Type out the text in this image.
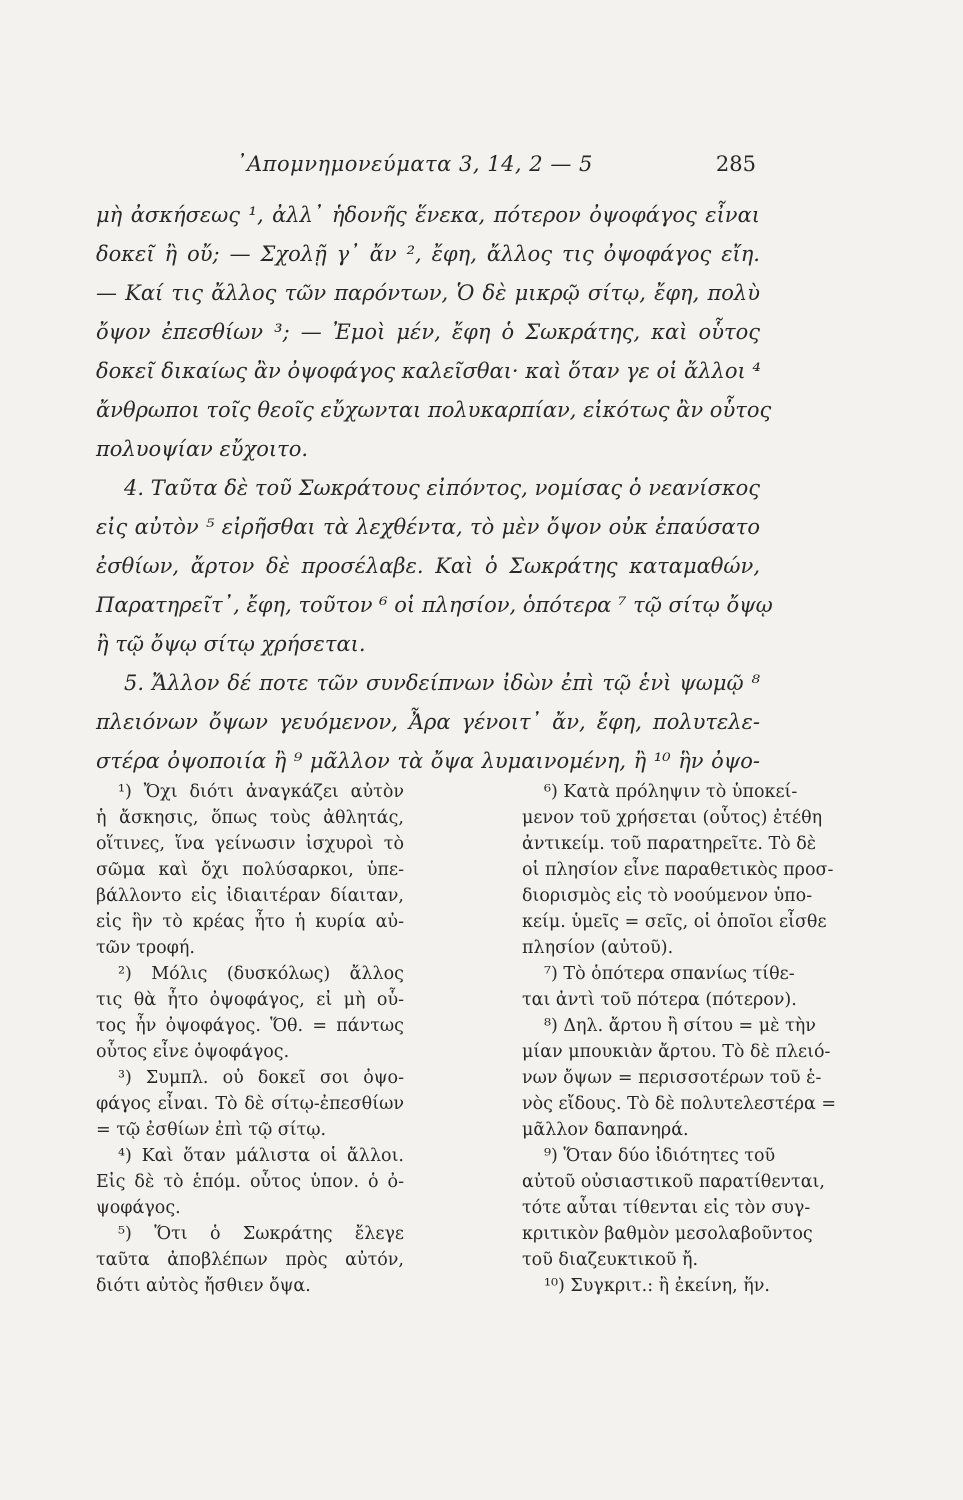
᾿Απομνημονεύματα 3, 14, 2 — 5	285
μὴ ἀσκήσεως ¹, ἀλλ᾽ ἡδονῆς ἕνεκα, πότερον ὀψοφάγος εἶναι
δοκεῖ ἢ οὔ; — Σχολῇ γ᾽ ἄν ², ἔφη, ἄλλος τις ὀψοφάγος εἴη.
— Καί τις ἄλλος τῶν παρόντων, Ὁ δὲ μικρῷ σίτῳ, ἔφη, πολὺ
ὄψον ἐπεσθίων ³; — Ἐμοὶ μέν, ἔφη ὁ Σωκράτης, καὶ οὗτος
δοκεῖ δικαίως ἂν ὀψοφάγος καλεῖσθαι· καὶ ὅταν γε οἱ ἄλλοι ⁴
ἄνθρωποι τοῖς θεοῖς εὔχωνται πολυκαρπίαν, εἰκότως ἂν οὗτος
πολυοψίαν εὔχοιτο.
4. Ταῦτα δὲ τοῦ Σωκράτους εἰπόντος, νομίσας ὁ νεανίσκος
εἰς αὐτὸν ⁵ εἰρῆσθαι τὰ λεχθέντα, τὸ μὲν ὄψον οὐκ ἐπαύσατο
ἐσθίων, ἄρτον δὲ προσέλαβε. Καὶ ὁ Σωκράτης καταμαθών,
Παρατηρεῖτ᾽, ἔφη, τοῦτον ⁶ οἱ πλησίον, ὁπότερα ⁷ τῷ σίτῳ ὄψῳ
ἢ τῷ ὄψῳ σίτῳ χρήσεται.
5. Ἄλλον δέ ποτε τῶν συνδείπνων ἰδὼν ἐπὶ τῷ ἑνὶ ψωμῷ ⁸
πλειόνων ὄψων γευόμενον, Ἆρα γένοιτ᾽ ἄν, ἔφη, πολυτελε-
στέρα ὀψοποιία ἢ ⁹ μᾶλλον τὰ ὄψα λυμαινομένη, ἢ ¹⁰ ἣν ὀψο-
¹) Ὄχι διότι ἀναγκάζει αὐτὸν
ἡ ἄσκησις, ὅπως τοὺς ἀθλητάς,
οἵτινες, ἵνα γείνωσιν ἰσχυροὶ τὸ
σῶμα καὶ ὄχι πολύσαρκοι, ὑπε-
βάλλοντο εἰς ἰδιαιτέραν δίαιταν,
εἰς ἣν τὸ κρέας ἦτο ἡ κυρία αὐ-
τῶν τροφή.
²) Μόλις (δυσκόλως) ἄλλος
τις θὰ ἦτο ὀψοφάγος, εἰ μὴ οὗ-
τος ἦν ὀψοφάγος. Ὅθ. = πάντως
οὗτος εἶνε ὀψοφάγος.
³) Συμπλ. οὐ δοκεῖ σοι ὀψο-
φάγος εἶναι. Τὸ δὲ σίτῳ-ἐπεσθίων
= τῷ ἐσθίων ἐπὶ τῷ σίτῳ.
⁴) Καὶ ὅταν μάλιστα οἱ ἄλλοι.
Εἰς δὲ τὸ ἑπόμ. οὗτος ὑπον. ὁ ὀ-
ψοφάγος.
⁵) Ὅτι ὁ Σωκράτης ἔλεγε
ταῦτα ἀποβλέπων πρὸς αὐτόν,
διότι αὐτὸς ἤσθιεν ὄψα.
⁶) Κατὰ πρόληψιν τὸ ὑποκεί-
μενον τοῦ χρήσεται (οὗτος) ἐτέθη
ἀντικείμ. τοῦ παρατηρεῖτε. Τὸ δὲ
οἱ πλησίον εἶνε παραθετικὸς προσ-
διορισμὸς εἰς τὸ νοούμενον ὑπο-
κείμ. ὑμεῖς = σεῖς, οἱ ὁποῖοι εἶσθε
πλησίον (αὐτοῦ).
⁷) Τὸ ὁπότερα σπανίως τίθε-
ται ἀντὶ τοῦ πότερα (πότερον).
⁸) Δηλ. ἄρτου ἢ σίτου = μὲ τὴν
μίαν μπουκιὰν ἄρτου. Τὸ δὲ πλειό-
νων ὄψων = περισσοτέρων τοῦ ἑ-
νὸς εἴδους. Τὸ δὲ πολυτελεστέρα =
μᾶλλον δαπανηρά.
⁹) Ὅταν δύο ἰδιότητες τοῦ
αὐτοῦ οὐσιαστικοῦ παρατίθενται,
τότε αὗται τίθενται εἰς τὸν συγ-
κριτικὸν βαθμὸν μεσολαβοῦντος
τοῦ διαζευκτικοῦ ἤ.
¹⁰) Συγκριτ.: ἢ ἐκείνη, ἥν.
